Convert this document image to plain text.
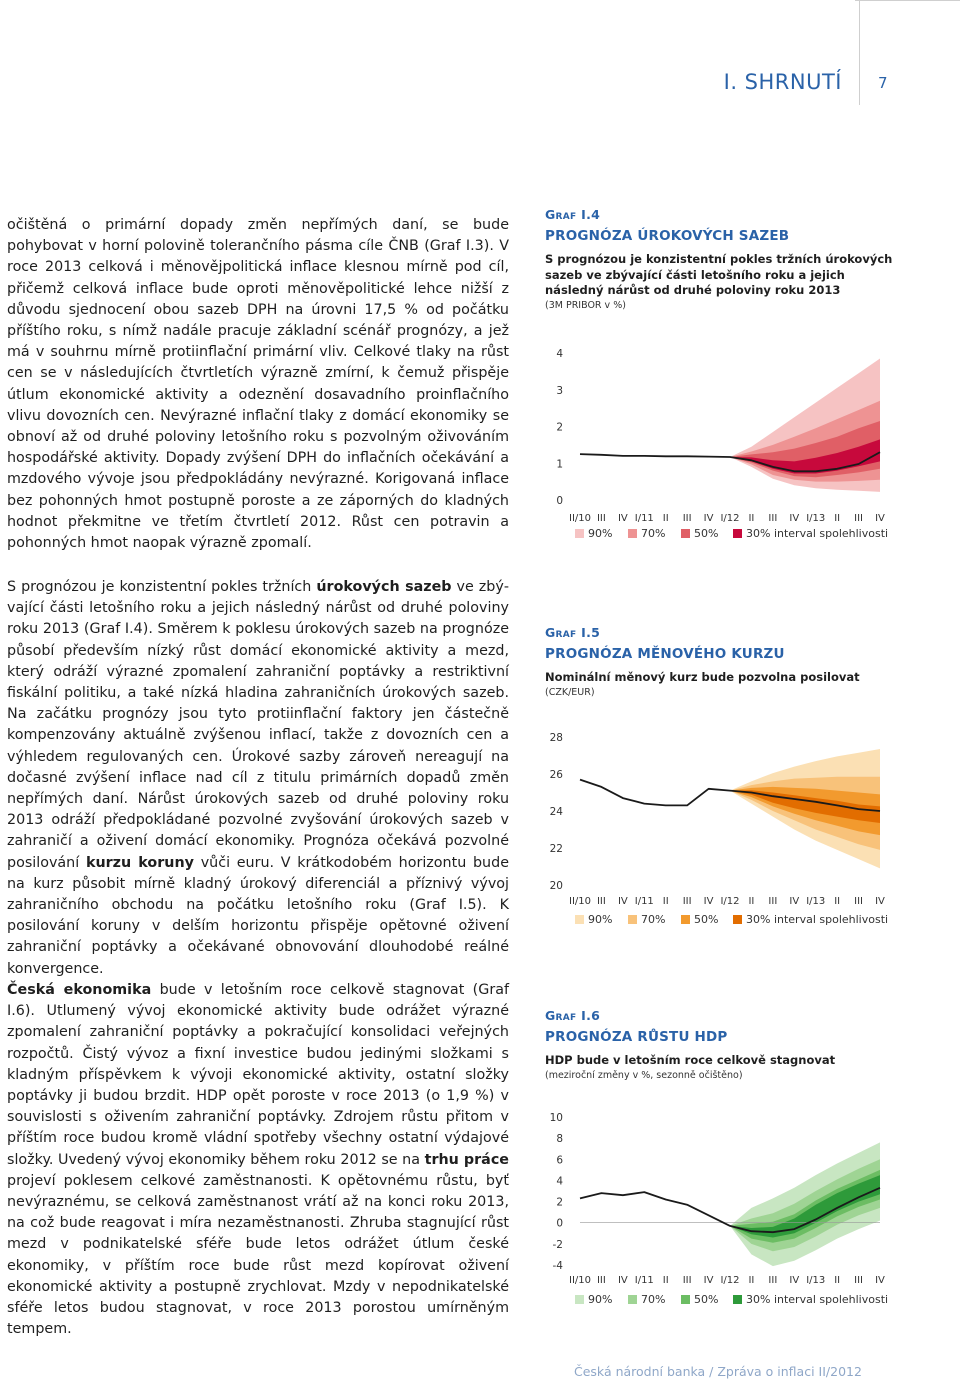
I. SHRNUTÍ 7

očištěná o primární dopady změn nepřímých daní, se bude pohybovat v horní polovině tolerančního pásma cíle ČNB (Graf I.3). V roce 2013 celková i měnovějpolitická inflace klesnou mírně pod cíl, přičemž celková inflace bude oproti měnověpolitické lehce nižší z důvodu sjednocení obou sazeb DPH na úrovni 17,5 % od počátku příštího roku, s nímž nadále pracuje základní scénář prognózy, a jež má v souhrnu mírně protiinflační primární vliv. Celkové tlaky na růst cen se v následujících čtvrtletích výrazně zmírní, k čemuž přispěje útlum ekonomické aktivity a odeznění dosavadního proinflačního vlivu dovozních cen. Nevýrazné inflační tlaky z domácí ekonomiky se obnoví až od druhé poloviny letošního roku s pozvolným oživováním hospodářské aktivity. Dopady zvýšení DPH do inflačních očekávání a mzdového vývoje jsou předpokládány nevýrazné. Korigovaná inflace bez pohonných hmot postupně poroste a ze záporných do kladných hodnot překmitne ve třetím čtvrtletí 2012. Růst cen potravin a pohonných hmot naopak výrazně zpomalí.

S prognózou je konzistentní pokles tržních úrokových sazeb ve zbývající části letošního roku a jejich následný nárůst od druhé poloviny roku 2013 (Graf I.4). Směrem k poklesu úrokových sazeb na prognóze působí především nízký růst domácí ekonomické aktivity a mezd, který odráží výrazné zpomalení zahraniční poptávky a restriktivní fiskální politiku, a také nízká hladina zahraničních úrokových sazeb. Na začátku prognózy jsou tyto protiinflační faktory jen částečně kompenzovány aktuálně zvýšenou inflací, takže z dovozních cen a výhledem regulovaných cen. Úrokové sazby zároveň nereagují na dočasné zvýšení inflace nad cíl z titulu primárních dopadů změn nepřímých daní. Nárůst úrokových sazeb od druhé poloviny roku 2013 odráží předpokládané pozvolné zvyšování úrokových sazeb v zahraničí a oživení domácí ekonomiky. Prognóza očekává pozvolné posilování kurzu koruny vůči euru. V krátkodobém horizontu bude na kurz působit mírně kladný úrokový diferenciál a příznivý vývoj zahraničního obchodu na počátku letošního roku (Graf I.5). K posilování koruny v delším horizontu přispěje opětovné oživení zahraniční poptávky a očekávané obnovování dlouhodobé reálné konvergence.

Česká ekonomika bude v letošním roce celkově stagnovat (Graf I.6). Utlumený vývoj ekonomické aktivity bude odrážet výrazné zpomalení zahraniční poptávky a pokračující konsolidaci veřejných rozpočtů. Čistý vývoz a fixní investice budou jedinými složkami s kladným příspěvkem k vývoji ekonomické aktivity, ostatní složky poptávky ji budou brzdit. HDP opět poroste v roce 2013 (o 1,9 %) v souvislosti s oživením zahraniční poptávky. Zdrojem růstu přitom v příštím roce budou kromě vládní spotřeby všechny ostatní výdajové složky. Uvedený vývoj ekonomiky během roku 2012 se na trhu práce projeví poklesem celkové zaměstnanosti. K opětovnému růstu, byť nevýraznému, se celková zaměstnanost vrátí až na konci roku 2013, na což bude reagovat i míra nezaměstnanosti. Zhruba stagnující růst mezd v podnikatelské sféře bude letos odrážet útlum české ekonomiky, v příštím roce bude růst mezd kopírovat oživení ekonomické aktivity a postupně zrychlovat. Mzdy v nepodnikatelské sféře letos budou stagnovat, v roce 2013 porostou umírněným tempem.

Graf I.4
PROGNÓZA ÚROKOVÝCH SAZEB
S prognózou je konzistentní pokles tržních úrokových sazeb ve zbývající části letošního roku a jejich následný nárůst od druhé poloviny roku 2013
(3M PRIBOR v %)
0
1
2
3
4
II/10 III IV I/11 II III IV I/12 II III IV I/13 II III IV
90%	70%	50%	30% interval spolehlivosti
Graf I.5
PROGNÓZA MĚNOVÉHO KURZU
Nominální měnový kurz bude pozvolna posilovat
(CZK/EUR)
20
22
24
26
28
II/10 III IV I/11 II III IV I/12 II III IV I/13 II III IV
90%	70%	50%	30% interval spolehlivosti
Graf I.6
PROGNÓZA RŮSTU HDP
HDP bude v letošním roce celkově stagnovat
(meziroční změny v %, sezonně očištěno)
-4
-2
0
2
4
6
8
10
II/10 III IV I/11 II III IV I/12 II III IV I/13 II III IV
90%	70%	50%	30% interval spolehlivosti
Česká národní banka / Zpráva o inflaci II/2012
